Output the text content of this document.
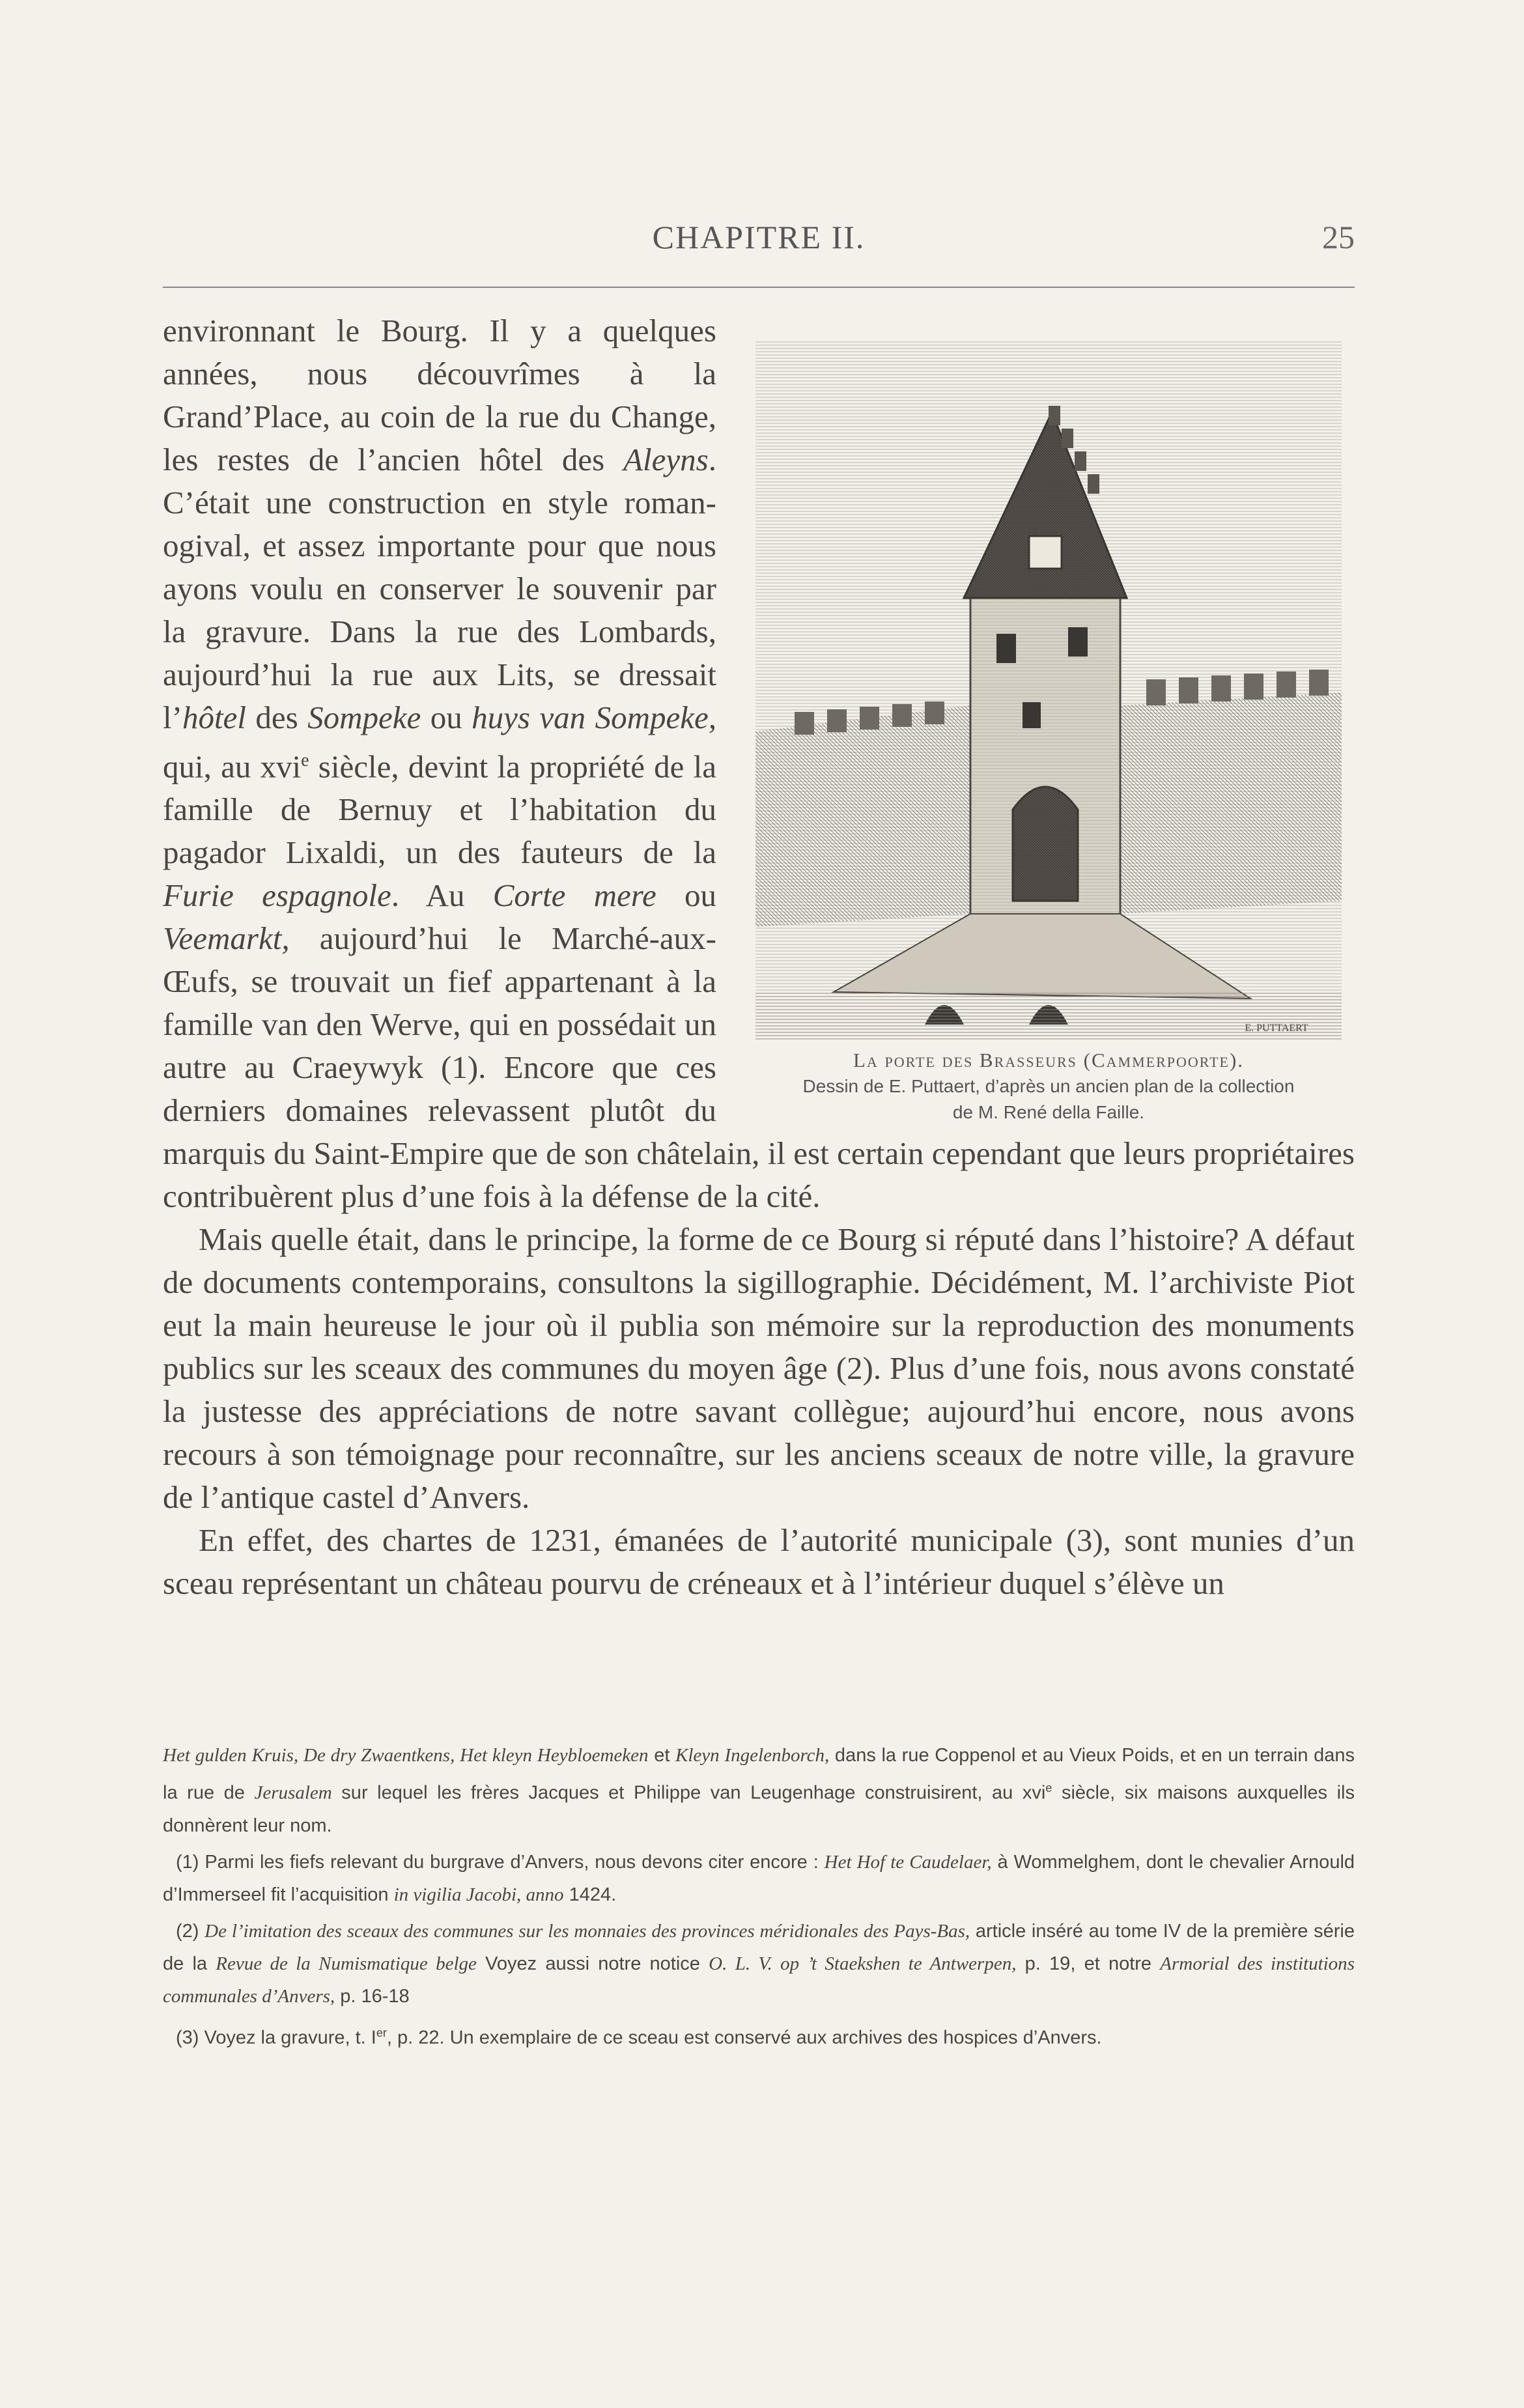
CHAPITRE II.	25
E. PUTTAERT
La porte des Brasseurs (Cammerpoorte).
Dessin de E. Puttaert, d’après un ancien plan de la collection
de M. René della Faille.

environnant le Bourg. Il y a quelques années, nous découvrîmes à la Grand’Place, au coin de la rue du Change, les restes de l’ancien hôtel des Aleyns. C’était une construction en style roman-ogival, et assez importante pour que nous ayons voulu en conserver le souvenir par la gravure. Dans la rue des Lombards, aujourd’hui la rue aux Lits, se dressait l’hôtel des Sompeke ou huys van Sompeke, qui, au xvi$^e$ siècle, devint la propriété de la famille de Bernuy et l’habitation du pagador Lixaldi, un des fauteurs de la Furie espagnole. Au Corte mere ou Veemarkt, aujourd’hui le Marché-aux-Œufs, se trouvait un fief appartenant à la famille van den Werve, qui en possédait un autre au Craeywyk (1). Encore que ces derniers domaines relevassent plutôt du marquis du Saint-Empire que de son châtelain, il est certain cependant que leurs propriétaires contribuèrent plus d’une fois à la défense de la cité.

Mais quelle était, dans le principe, la forme de ce Bourg si réputé dans l’histoire? A défaut de documents contemporains, consultons la sigillographie. Décidément, M. l’archiviste Piot eut la main heureuse le jour où il publia son mémoire sur la reproduction des monuments publics sur les sceaux des communes du moyen âge (2). Plus d’une fois, nous avons constaté la justesse des appréciations de notre savant collègue; aujourd’hui encore, nous avons recours à son témoignage pour reconnaître, sur les anciens sceaux de notre ville, la gravure de l’antique castel d’Anvers.

En effet, des chartes de 1231, émanées de l’autorité municipale (3), sont munies d’un sceau représentant un château pourvu de créneaux et à l’intérieur duquel s’élève un

Het gulden Kruis, De dry Zwaentkens, Het kleyn Heybloemeken et Kleyn Ingelenborch, dans la rue Coppenol et au Vieux Poids, et en un terrain dans la rue de Jerusalem sur lequel les frères Jacques et Philippe van Leugenhage construisirent, au xvi$^e$ siècle, six maisons auxquelles ils donnèrent leur nom.

(1) Parmi les fiefs relevant du burgrave d’Anvers, nous devons citer encore : Het Hof te Caudelaer, à Wommelghem, dont le chevalier Arnould d’Immerseel fit l’acquisition in vigilia Jacobi, anno 1424.

(2) De l’imitation des sceaux des communes sur les monnaies des provinces méridionales des Pays-Bas, article inséré au tome IV de la première série de la Revue de la Numismatique belge Voyez aussi notre notice O. L. V. op ’t Staekshen te Antwerpen, p. 19, et notre Armorial des institutions communales d’Anvers, p. 16-18

(3) Voyez la gravure, t. Ier, p. 22. Un exemplaire de ce sceau est conservé aux archives des hospices d’Anvers.
